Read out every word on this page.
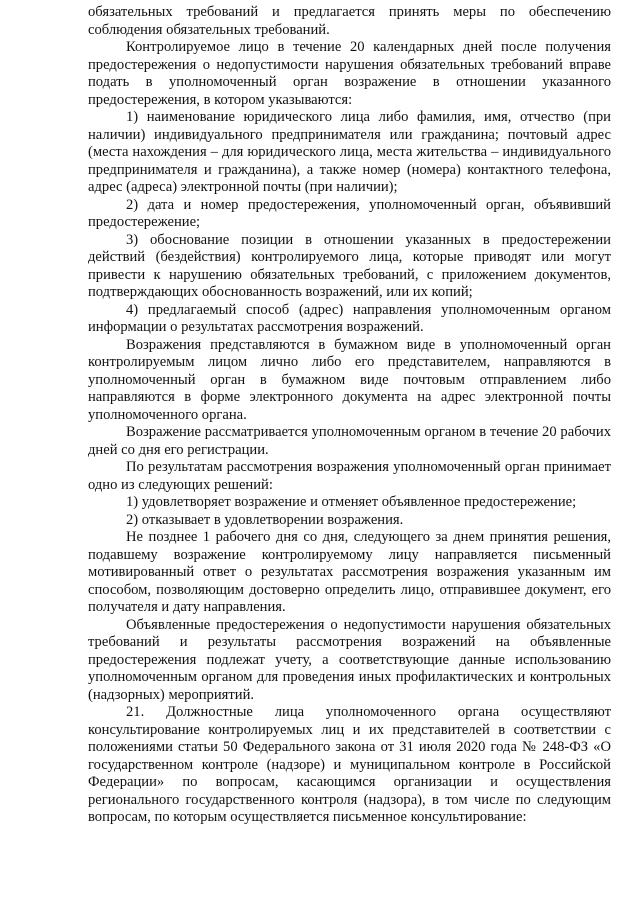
обязательных требований и предлагается принять меры по обеспечению соблюдения обязательных требований.

Контролируемое лицо в течение 20 календарных дней после получения предостережения о недопустимости нарушения обязательных требований вправе подать в уполномоченный орган возражение в отношении указанного предостережения, в котором указываются:

1) наименование юридического лица либо фамилия, имя, отчество (при наличии) индивидуального предпринимателя или гражданина; почтовый адрес (места нахождения – для юридического лица, места жительства – индивидуального предпринимателя и гражданина), а также номер (номера) контактного телефона, адрес (адреса) электронной почты (при наличии);

2) дата и номер предостережения, уполномоченный орган, объявивший предостережение;

3) обоснование позиции в отношении указанных в предостережении действий (бездействия) контролируемого лица, которые приводят или могут привести к нарушению обязательных требований, с приложением документов, подтверждающих обоснованность возражений, или их копий;

4) предлагаемый способ (адрес) направления уполномоченным органом информации о результатах рассмотрения возражений.

Возражения представляются в бумажном виде в уполномоченный орган контролируемым лицом лично либо его представителем, направляются в уполномоченный орган в бумажном виде почтовым отправлением либо направляются в форме электронного документа на адрес электронной почты уполномоченного органа.

Возражение рассматривается уполномоченным органом в течение 20 рабочих дней со дня его регистрации.

По результатам рассмотрения возражения уполномоченный орган принимает одно из следующих решений:

1) удовлетворяет возражение и отменяет объявленное предостережение;

2) отказывает в удовлетворении возражения.

Не позднее 1 рабочего дня со дня, следующего за днем принятия решения, подавшему возражение контролируемому лицу направляется письменный мотивированный ответ о результатах рассмотрения возражения указанным им способом, позволяющим достоверно определить лицо, отправившее документ, его получателя и дату направления.

Объявленные предостережения о недопустимости нарушения обязательных требований и результаты рассмотрения возражений на объявленные предостережения подлежат учету, а соответствующие данные использованию уполномоченным органом для проведения иных профилактических и контрольных (надзорных) мероприятий.

21. Должностные лица уполномоченного органа осуществляют консультирование контролируемых лиц и их представителей в соответствии с положениями статьи 50 Федерального закона от 31 июля 2020 года № 248-ФЗ «О государственном контроле (надзоре) и муниципальном контроле в Российской Федерации» по вопросам, касающимся организации и осуществления регионального государственного контроля (надзора), в том числе по следующим вопросам, по которым осуществляется письменное консультирование:
